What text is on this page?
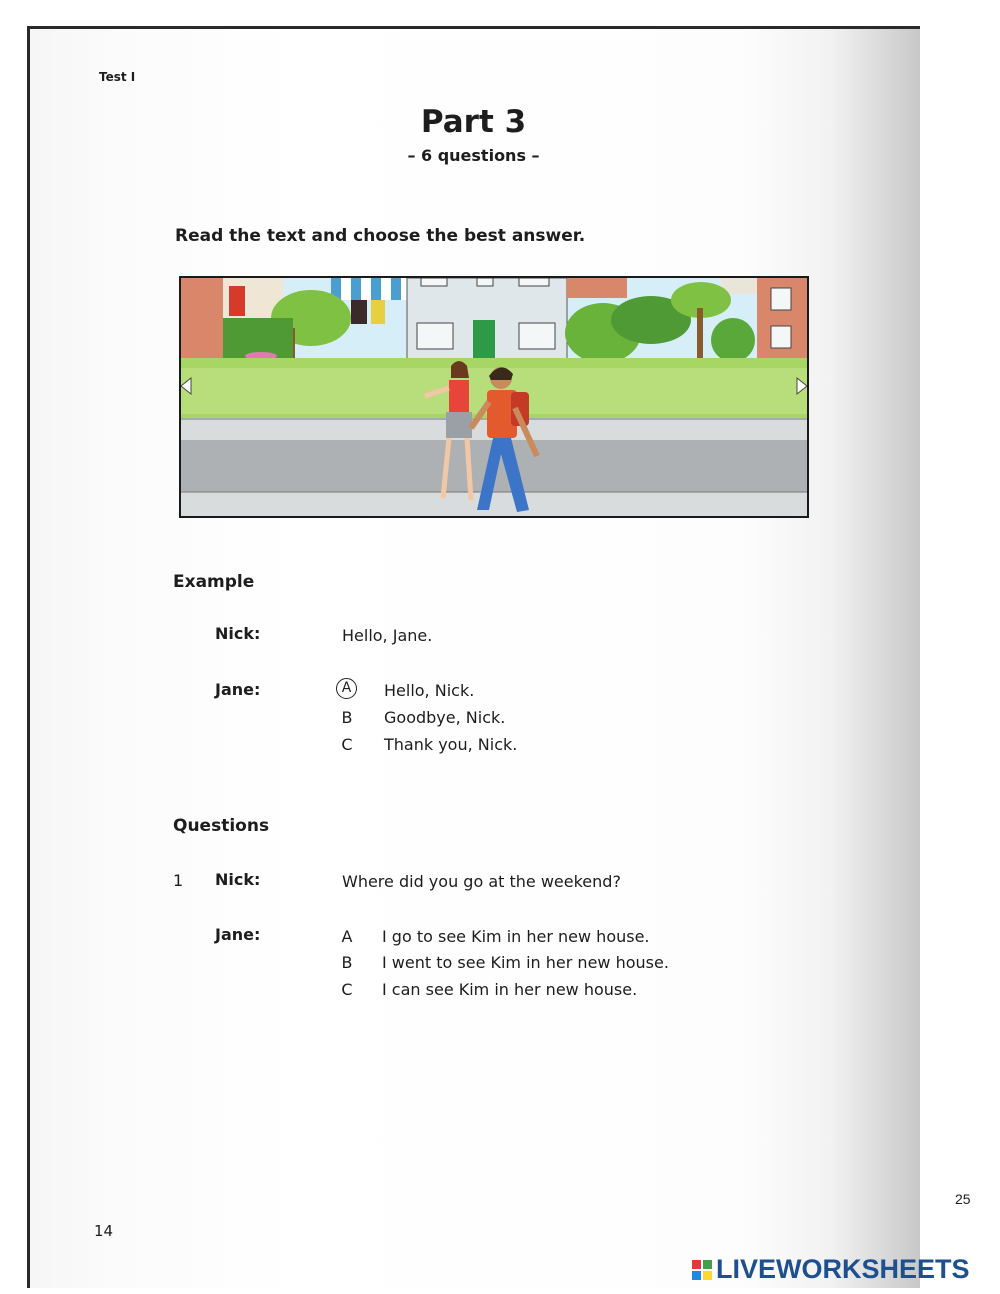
Test I
Part 3
– 6 questions –
Read the text and choose the best answer.
Example
Nick:	Hello, Jane.
Jane:	A	Hello, Nick.
B	Goodbye, Nick.
C	Thank you, Nick.
Questions
1 Nick:	Where did you go at the weekend?
Jane:	A	I go to see Kim in her new house.
B	I went to see Kim in her new house.
C	I can see Kim in her new house.
14
25
LIVEWORKSHEETS
